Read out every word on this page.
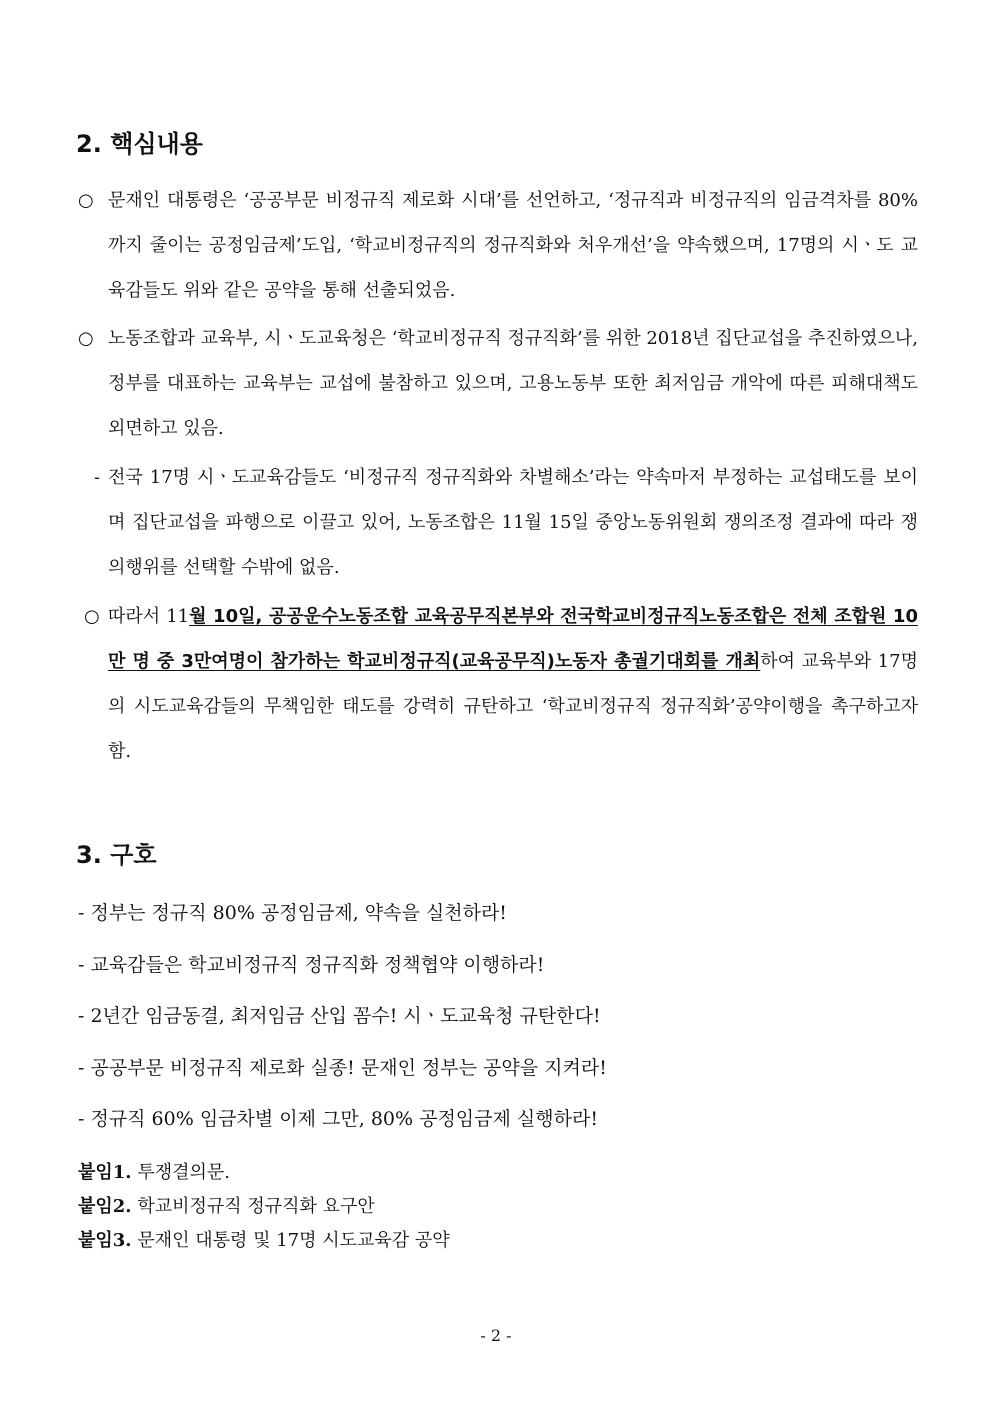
2. 핵심내용
○ 문재인 대통령은 ‘공공부문 비정규직 제로화 시대’를 선언하고, ‘정규직과 비정규직의 임금격차를 80%까지 줄이는 공정임금제’도입, ‘학교비정규직의 정규직화와 처우개선’을 약속했으며, 17명의 시ㆍ도 교육감들도 위와 같은 공약을 통해 선출되었음.
○ 노동조합과 교육부, 시ㆍ도교육청은 ‘학교비정규직 정규직화’를 위한 2018년 집단교섭을 추진하였으나, 정부를 대표하는 교육부는 교섭에 불참하고 있으며, 고용노동부 또한 최저임금 개악에 따른 피해대책도 외면하고 있음.
- 전국 17명 시ㆍ도교육감들도 ‘비정규직 정규직화와 차별해소’라는 약속마저 부정하는 교섭태도를 보이며 집단교섭을 파행으로 이끌고 있어, 노동조합은 11월 15일 중앙노동위원회 쟁의조정 결과에 따라 쟁의행위를 선택할 수밖에 없음.
○ 따라서 11월 10일, 공공운수노동조합 교육공무직본부와 전국학교비정규직노동조합은 전체 조합원 10만 명 중 3만여명이 참가하는 학교비정규직(교육공무직)노동자 총궐기대회를 개최하여 교육부와 17명의 시도교육감들의 무책임한 태도를 강력히 규탄하고 ‘학교비정규직 정규직화’공약이행을 촉구하고자 함.
3. 구호
- 정부는 정규직 80% 공정임금제, 약속을 실천하라!
- 교육감들은 학교비정규직 정규직화 정책협약 이행하라!
- 2년간 임금동결, 최저임금 산입 꼼수! 시ㆍ도교육청 규탄한다!
- 공공부문 비정규직 제로화 실종! 문재인 정부는 공약을 지켜라!
- 정규직 60% 임금차별 이제 그만, 80% 공정임금제 실행하라!
붙임1. 투쟁결의문.
붙임2. 학교비정규직 정규직화 요구안
붙임3. 문재인 대통령 및 17명 시도교육감 공약
- 2 -
